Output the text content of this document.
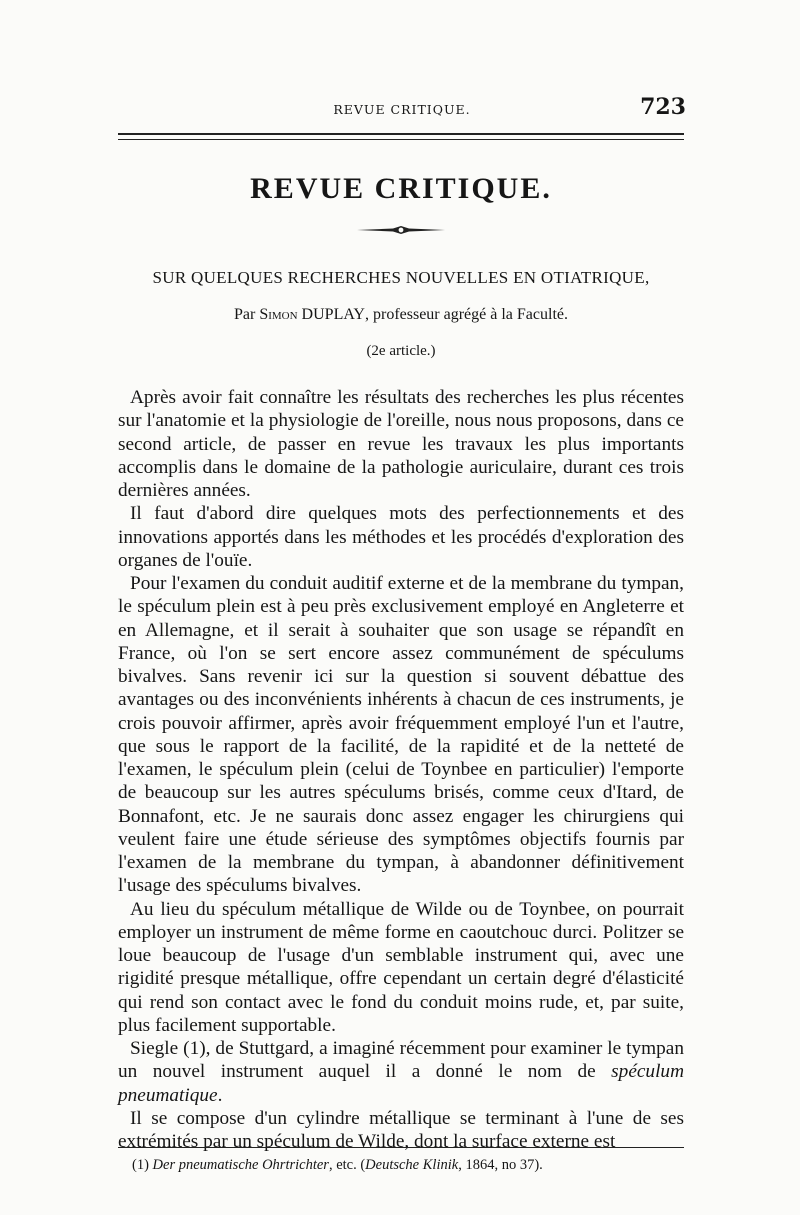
REVUE CRITIQUE.	723
REVUE CRITIQUE.
SUR QUELQUES RECHERCHES NOUVELLES EN OTIATRIQUE,
Par Simon DUPLAY, professeur agrégé à la Faculté.
(2e article.)

Après avoir fait connaître les résultats des recherches les plus récentes sur l'anatomie et la physiologie de l'oreille, nous nous proposons, dans ce second article, de passer en revue les travaux les plus importants accomplis dans le domaine de la pathologie auriculaire, durant ces trois dernières années.

Il faut d'abord dire quelques mots des perfectionnements et des innovations apportés dans les méthodes et les procédés d'exploration des organes de l'ouïe.

Pour l'examen du conduit auditif externe et de la membrane du tympan, le spéculum plein est à peu près exclusivement employé en Angleterre et en Allemagne, et il serait à souhaiter que son usage se répandît en France, où l'on se sert encore assez communément de spéculums bivalves. Sans revenir ici sur la question si souvent débattue des avantages ou des inconvénients inhérents à chacun de ces instruments, je crois pouvoir affirmer, après avoir fréquemment employé l'un et l'autre, que sous le rapport de la facilité, de la rapidité et de la netteté de l'examen, le spéculum plein (celui de Toynbee en particulier) l'emporte de beaucoup sur les autres spéculums brisés, comme ceux d'Itard, de Bonnafont, etc. Je ne saurais donc assez engager les chirurgiens qui veulent faire une étude sérieuse des symptômes objectifs fournis par l'examen de la membrane du tympan, à abandonner définitivement l'usage des spéculums bivalves.

Au lieu du spéculum métallique de Wilde ou de Toynbee, on pourrait employer un instrument de même forme en caoutchouc durci. Politzer se loue beaucoup de l'usage d'un semblable instrument qui, avec une rigidité presque métallique, offre cependant un certain degré d'élasticité qui rend son contact avec le fond du conduit moins rude, et, par suite, plus facilement supportable.

Siegle (1), de Stuttgard, a imaginé récemment pour examiner le tympan un nouvel instrument auquel il a donné le nom de spéculum pneumatique.

Il se compose d'un cylindre métallique se terminant à l'une de ses extrémités par un spéculum de Wilde, dont la surface externe est

(1) Der pneumatische Ohrtrichter, etc. (Deutsche Klinik, 1864, no 37).
